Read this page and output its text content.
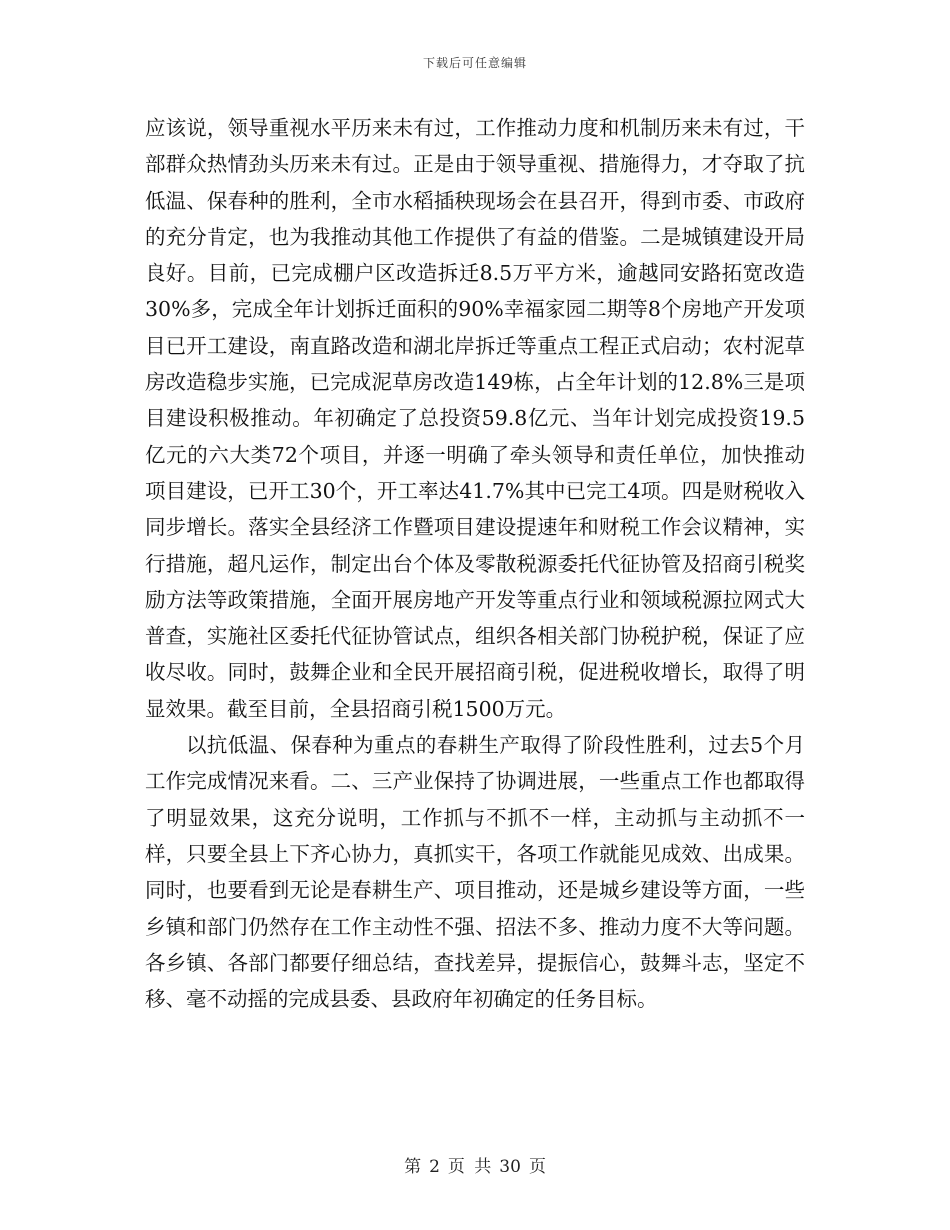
下载后可任意编辑

应该说，领导重视水平历来未有过，工作推动力度和机制历来未有过，干部群众热情劲头历来未有过。正是由于领导重视、措施得力，才夺取了抗低温、保春种的胜利，全市水稻插秧现场会在县召开，得到市委、市政府的充分肯定，也为我推动其他工作提供了有益的借鉴。二是城镇建设开局良好。目前，已完成棚户区改造拆迁8.5万平方米，逾越同安路拓宽改造30%多，完成全年计划拆迁面积的90%幸福家园二期等8个房地产开发项目已开工建设，南直路改造和湖北岸拆迁等重点工程正式启动；农村泥草房改造稳步实施，已完成泥草房改造149栋，占全年计划的12.8%三是项目建设积极推动。年初确定了总投资59.8亿元、当年计划完成投资19.5亿元的六大类72个项目，并逐一明确了牵头领导和责任单位，加快推动项目建设，已开工30个，开工率达41.7%其中已完工4项。四是财税收入同步增长。落实全县经济工作暨项目建设提速年和财税工作会议精神，实行措施，超凡运作，制定出台个体及零散税源委托代征协管及招商引税奖励方法等政策措施，全面开展房地产开发等重点行业和领域税源拉网式大普查，实施社区委托代征协管试点，组织各相关部门协税护税，保证了应收尽收。同时，鼓舞企业和全民开展招商引税，促进税收增长，取得了明显效果。截至目前，全县招商引税1500万元。

以抗低温、保春种为重点的春耕生产取得了阶段性胜利，过去5个月工作完成情况来看。二、三产业保持了协调进展，一些重点工作也都取得了明显效果，这充分说明，工作抓与不抓不一样，主动抓与主动抓不一样，只要全县上下齐心协力，真抓实干，各项工作就能见成效、出成果。同时，也要看到无论是春耕生产、项目推动，还是城乡建设等方面，一些乡镇和部门仍然存在工作主动性不强、招法不多、推动力度不大等问题。各乡镇、各部门都要仔细总结，查找差异，提振信心，鼓舞斗志，坚定不移、毫不动摇的完成县委、县政府年初确定的任务目标。

第 2 页 共 30 页
